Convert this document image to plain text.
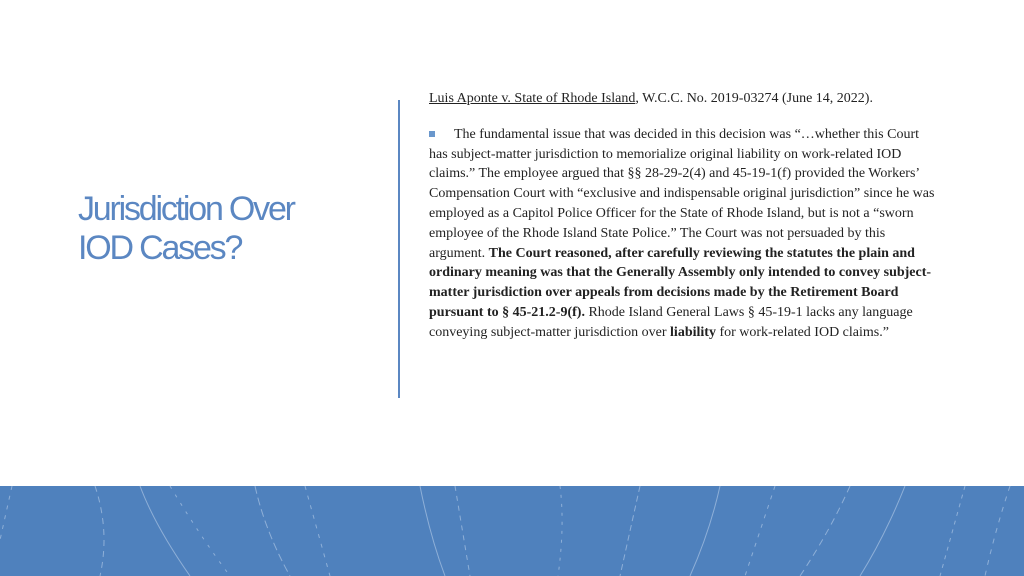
Jurisdiction Over
IOD Cases?

Luis Aponte v. State of Rhode Island, W.C.C. No. 2019-03274 (June 14, 2022).

The fundamental issue that was decided in this decision was “…whether this Court has subject-matter jurisdiction to memorialize original liability on work-related IOD claims.” The employee argued that §§ 28-29-2(4) and 45-19-1(f) provided the Workers’ Compensation Court with “exclusive and indispensable original jurisdiction” since he was employed as a Capitol Police Officer for the State of Rhode Island, but is not a “sworn employee of the Rhode Island State Police.” The Court was not persuaded by this argument. The Court reasoned, after carefully reviewing the statutes the plain and ordinary meaning was that the Generally Assembly only intended to convey subject-matter jurisdiction over appeals from decisions made by the Retirement Board pursuant to § 45-21.2-9(f). Rhode Island General Laws § 45-19-1 lacks any language conveying subject-matter jurisdiction over liability for work-related IOD claims.”
